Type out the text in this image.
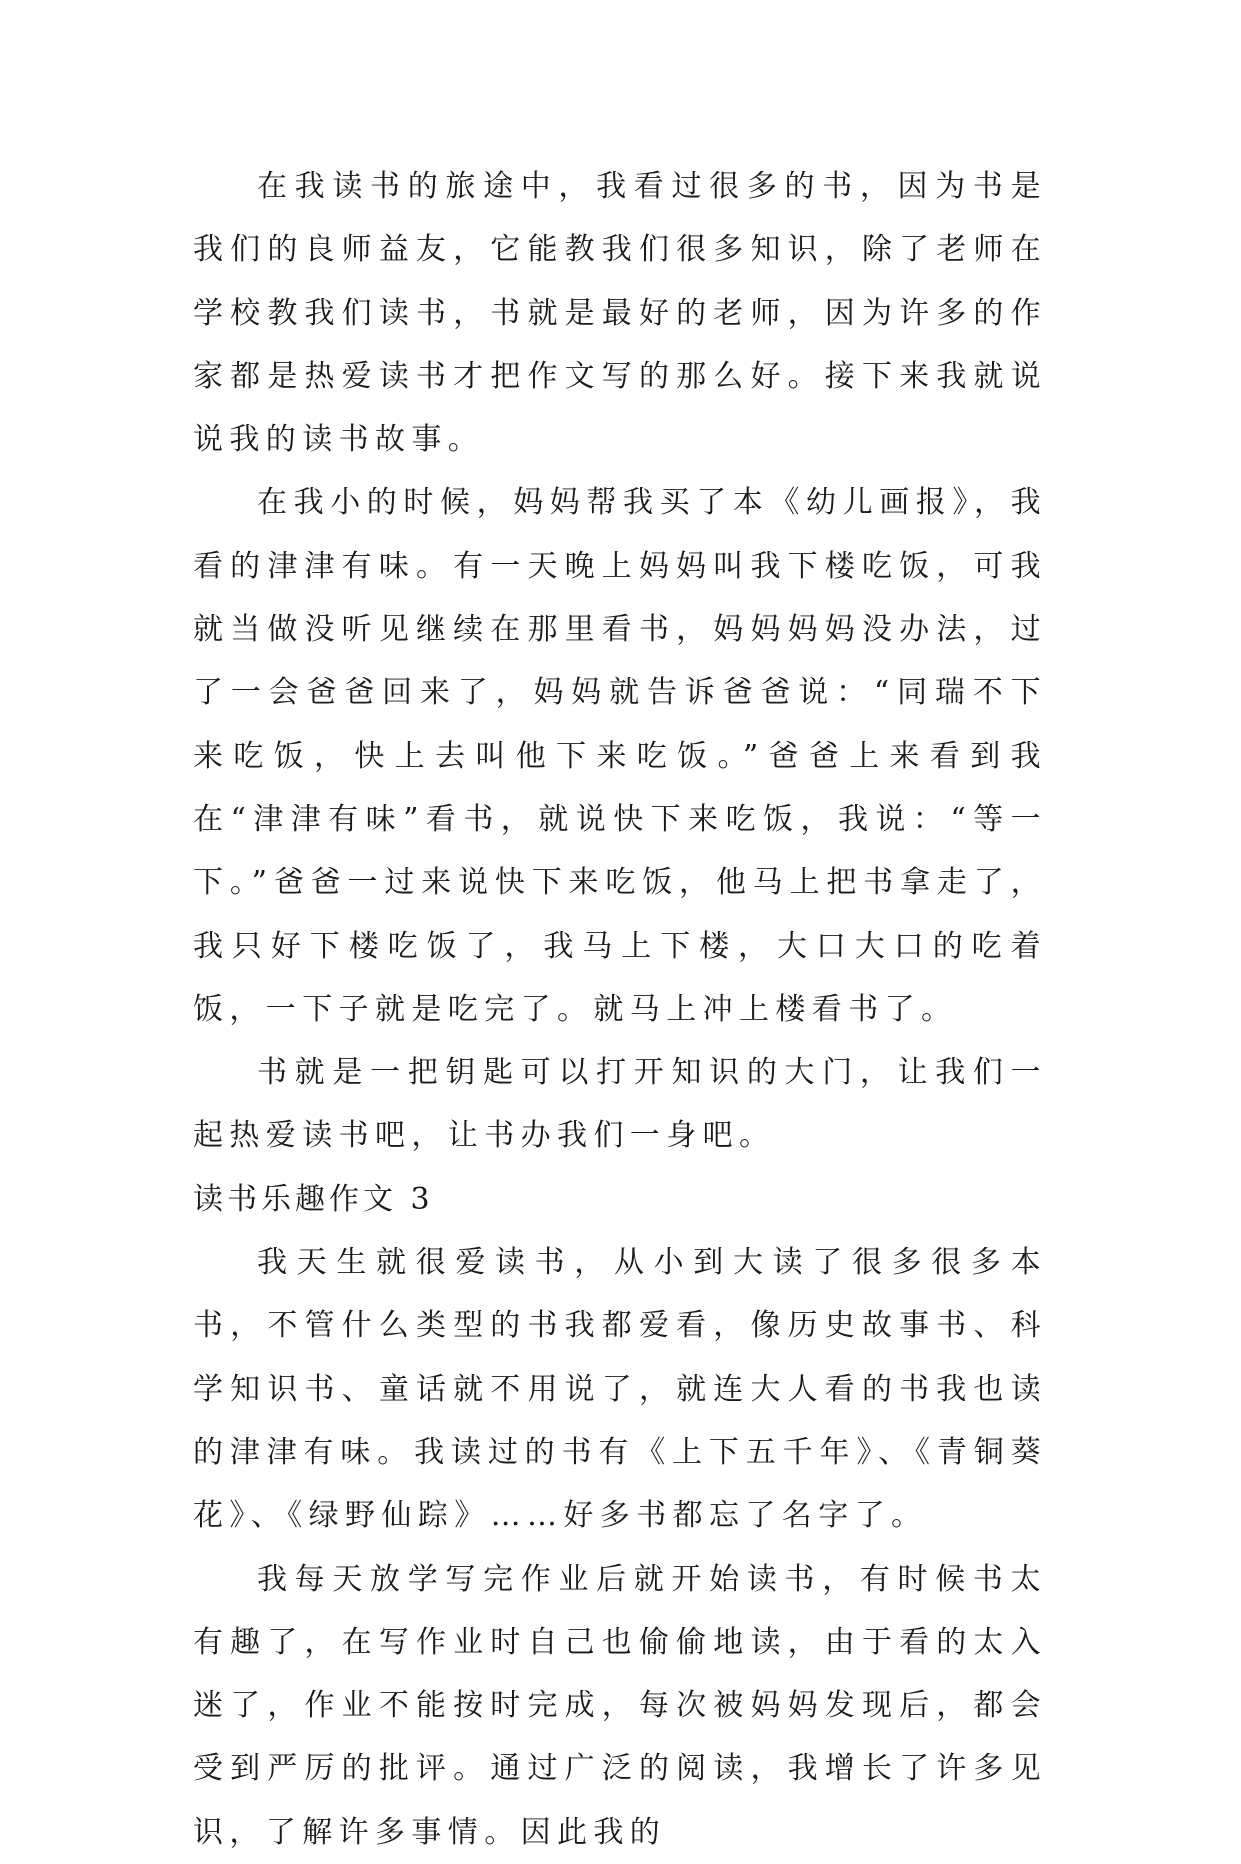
在我读书的旅途中，我看过很多的书，因为书是我们的良师益友，它能教我们很多知识，除了老师在学校教我们读书，书就是最好的老师，因为许多的作家都是热爱读书才把作文写的那么好。接下来我就说说我的读书故事。

在我小的时候，妈妈帮我买了本《幼儿画报》，我看的津津有味。有一天晚上妈妈叫我下楼吃饭，可我就当做没听见继续在那里看书，妈妈妈妈没办法，过了一会爸爸回来了，妈妈就告诉爸爸说：“同瑞不下来吃饭，快上去叫他下来吃饭。”爸爸上来看到我在“津津有味”看书，就说快下来吃饭，我说：“等一下。”爸爸一过来说快下来吃饭，他马上把书拿走了，我只好下楼吃饭了，我马上下楼，大口大口的吃着饭，一下子就是吃完了。就马上冲上楼看书了。

书就是一把钥匙可以打开知识的大门，让我们一起热爱读书吧，让书办我们一身吧。

读书乐趣作文 3

我天生就很爱读书，从小到大读了很多很多本书，不管什么类型的书我都爱看，像历史故事书、科学知识书、童话就不用说了，就连大人看的书我也读的津津有味。我读过的书有《上下五千年》、《青铜葵花》、《绿野仙踪》……好多书都忘了名字了。

我每天放学写完作业后就开始读书，有时候书太有趣了，在写作业时自己也偷偷地读，由于看的太入迷了，作业不能按时完成，每次被妈妈发现后，都会受到严厉的批评。通过广泛的阅读，我增长了许多见识，了解许多事情。因此我的
